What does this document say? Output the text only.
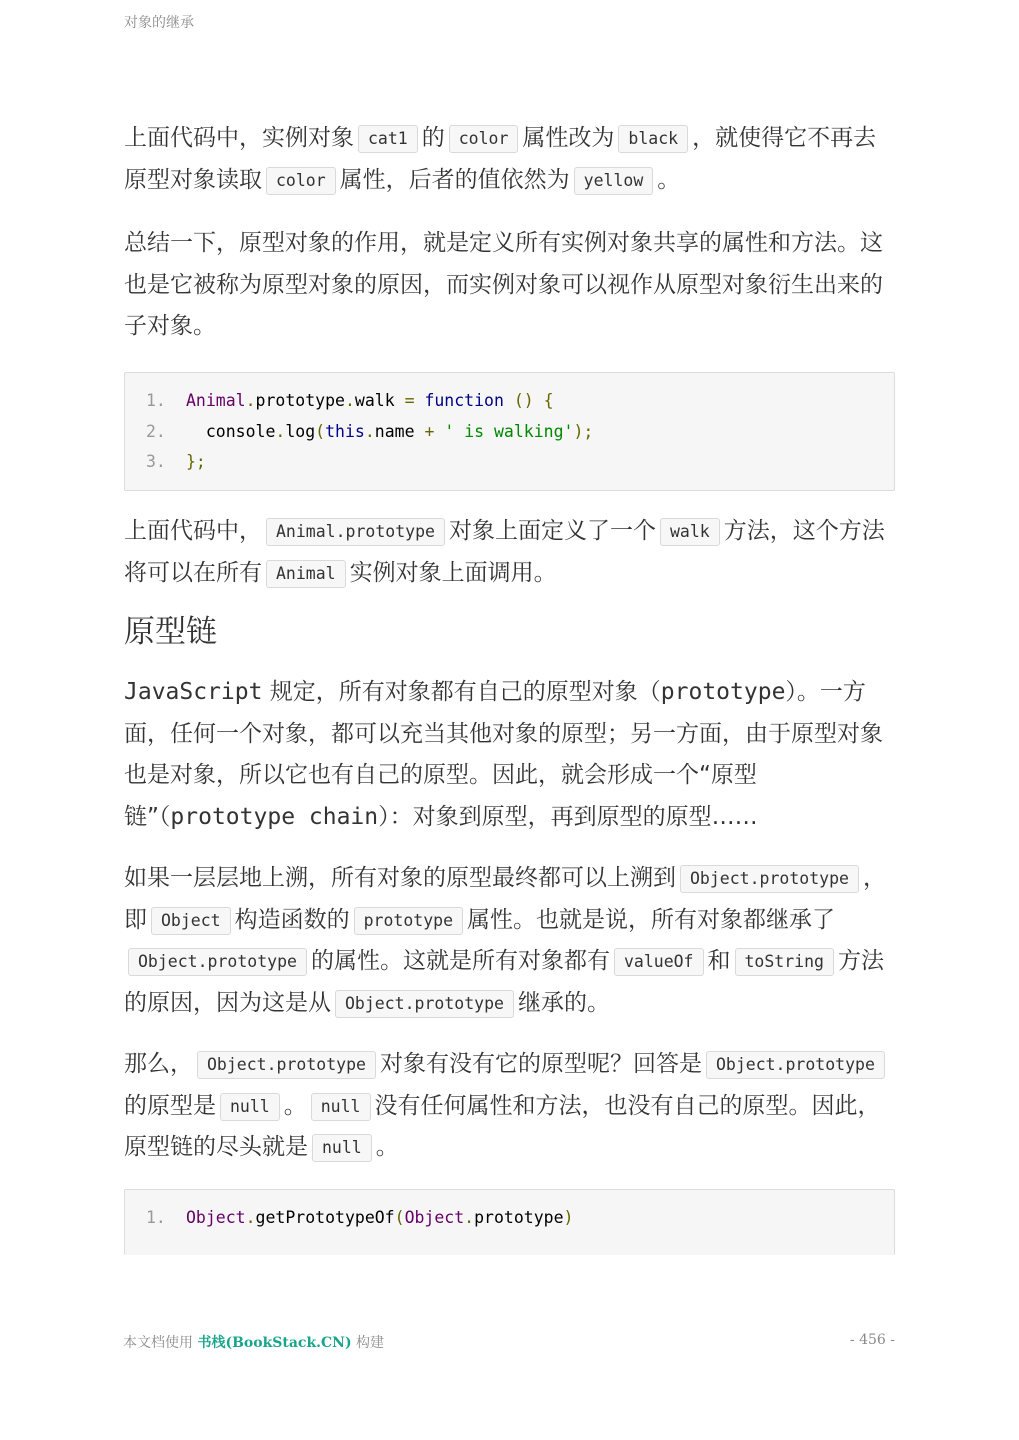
对象的继承

上面代码中，实例对象 cat1 的 color 属性改为 black ，就使得它不再去原型对象读取 color 属性，后者的值依然为 yellow 。

总结一下，原型对象的作用，就是定义所有实例对象共享的属性和方法。这也是它被称为原型对象的原因，而实例对象可以视作从原型对象衍生出来的子对象。

1.	Animal.prototype.walk = function () {
2.	console.log(this.name + ' is walking');
3.	};

上面代码中， Animal.prototype 对象上面定义了一个 walk 方法，这个方法将可以在所有 Animal 实例对象上面调用。

原型链

JavaScript 规定，所有对象都有自己的原型对象（prototype）。一方面，任何一个对象，都可以充当其他对象的原型；另一方面，由于原型对象也是对象，所以它也有自己的原型。因此，就会形成一个“原型链”（prototype chain）：对象到原型，再到原型的原型……

如果一层层地上溯，所有对象的原型最终都可以上溯到 Object.prototype ，即 Object 构造函数的 prototype 属性。也就是说，所有对象都继承了Object.prototype 的属性。这就是所有对象都有 valueOf 和 toString 方法的原因，因为这是从 Object.prototype 继承的。

那么， Object.prototype 对象有没有它的原型呢？回答是 Object.prototype的原型是 null 。 null 没有任何属性和方法，也没有自己的原型。因此，原型链的尽头就是 null 。

1.	Object.getPrototypeOf(Object.prototype)
本文档使用 书栈(BookStack.CN) 构建	- 456 -
